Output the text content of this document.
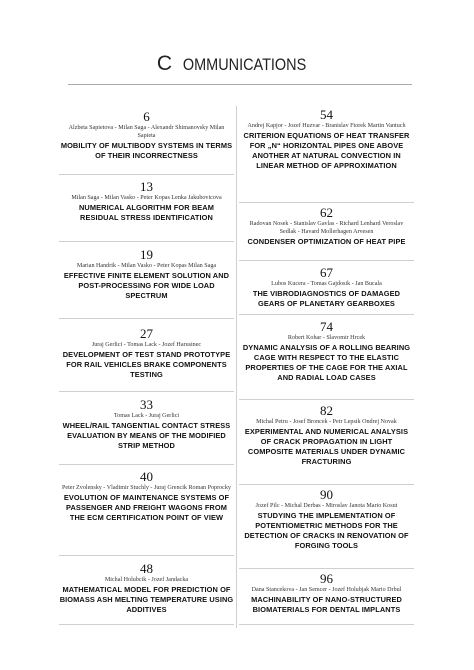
C OMMUNICATIONS
6
Alzbeta Sapietova - Milan Saga - Alexandr Shimanovsky Milan Sapieta
MOBILITY OF MULTIBODY SYSTEMS IN TERMS OF THEIR INCORRECTNESS
13
Milan Saga - Milan Vasko - Peter Kopas Lenka Jakubovicova
NUMERICAL ALGORITHM FOR BEAM RESIDUAL STRESS IDENTIFICATION
19
Marian Handrik - Milan Vasko - Peter Kopas Milan Saga
EFFECTIVE FINITE ELEMENT SOLUTION AND POST-PROCESSING FOR WIDE LOAD SPECTRUM
27
Juraj Gerlici - Tomas Lack - Jozef Harusinec
DEVELOPMENT OF TEST STAND PROTOTYPE FOR RAIL VEHICLES BRAKE COMPONENTS TESTING
33
Tomas Lack - Juraj Gerlici
WHEEL/RAIL TANGENTIAL CONTACT STRESS EVALUATION BY MEANS OF THE MODIFIED STRIP METHOD
40
Peter Zvolensky - Vladimir Stuchly - Juraj Grencik Roman Poprocky
EVOLUTION OF MAINTENANCE SYSTEMS OF PASSENGER AND FREIGHT WAGONS FROM THE ECM CERTIFICATION POINT OF VIEW
48
Michal Holubcik - Jozef Jandacka
MATHEMATICAL MODEL FOR PREDICTION OF BIOMASS ASH MELTING TEMPERATURE USING ADDITIVES
54
Andrej Kapjor - Jozef Huzvar - Branislav Ftorek Martin Vantuch
CRITERION EQUATIONS OF HEAT TRANSFER FOR „N“ HORIZONTAL PIPES ONE ABOVE ANOTHER AT NATURAL CONVECTION IN LINEAR METHOD OF APPROXIMATION
62
Radovan Nosek - Stanislav Gavlas - Richard Lenhard Veroslav Sedlak - Havard Mollerhagen Arvesen
CONDENSER OPTIMIZATION OF HEAT PIPE
67
Lubos Kucera - Tomas Gajdosik - Jan Bucala
THE VIBRODIAGNOSTICS OF DAMAGED GEARS OF PLANETARY GEARBOXES
74
Robert Kohar - Slavomir Hrcek
DYNAMIC ANALYSIS OF A ROLLING BEARING CAGE WITH RESPECT TO THE ELASTIC PROPERTIES OF THE CAGE FOR THE AXIAL AND RADIAL LOAD CASES
82
Michal Petru - Josef Broncek - Petr Lepsik Ondrej Novak
EXPERIMENTAL AND NUMERICAL ANALYSIS OF CRACK PROPAGATION IN LIGHT COMPOSITE MATERIALS UNDER DYNAMIC FRACTURING
90
Jozef Pilc - Michal Derbas - Miroslav Janota Mario Kosut
STUDYING THE IMPLEMENTATION OF POTENTIOMETRIC METHODS FOR THE DETECTION OF CRACKS IN RENOVATION OF FORGING TOOLS
96
Dana Stancekova - Jan Semcer - Jozef Holubjak Mario Drbul
MACHINABILITY OF NANO-STRUCTURED BIOMATERIALS FOR DENTAL IMPLANTS
